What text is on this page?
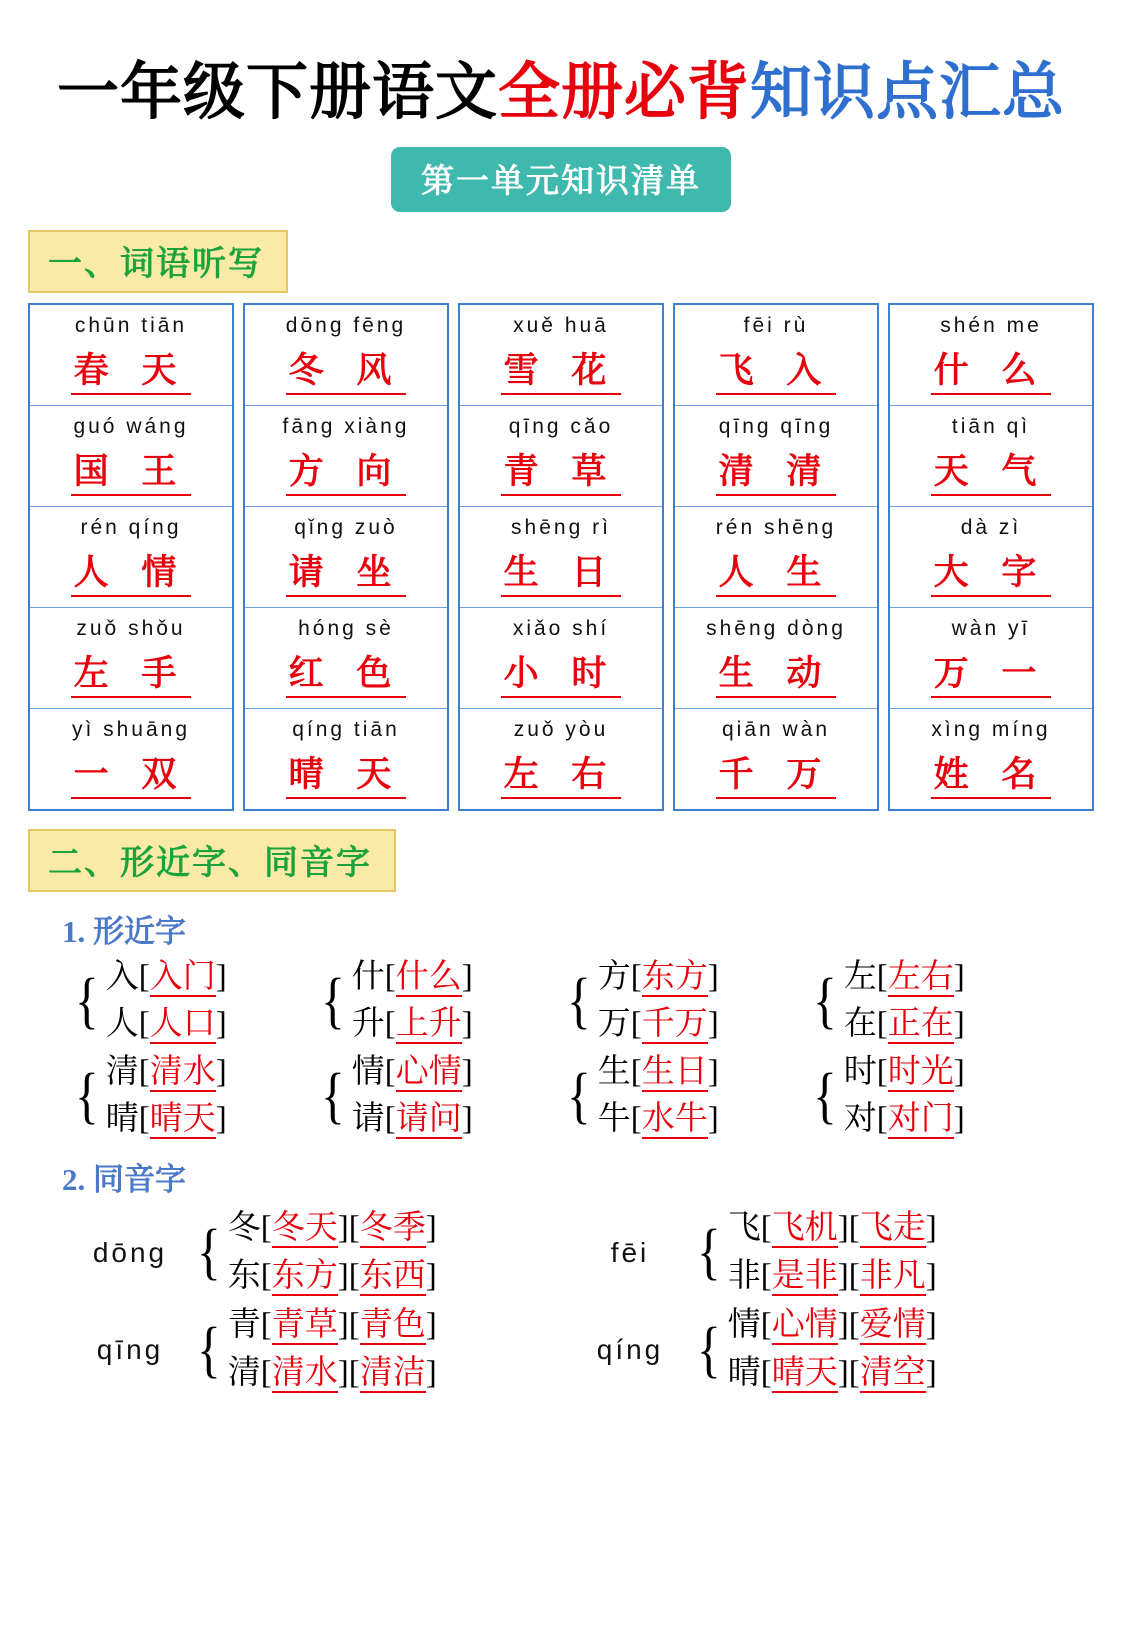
一年级下册语文全册必背知识点汇总
第一单元知识清单
一、词语听写
chūn tiān
春 天
guó wáng
国 王
rén qíng
人 情
zuǒ shǒu
左 手
yì shuāng
一 双
dōng fēng
冬 风
fāng xiàng
方 向
qǐng zuò
请 坐
hóng sè
红 色
qíng tiān
晴 天
xuě huā
雪 花
qīng cǎo
青 草
shēng rì
生 日
xiǎo shí
小 时
zuǒ yòu
左 右
fēi rù
飞 入
qīng qīng
清 清
rén shēng
人 生
shēng dòng
生 动
qiān wàn
千 万
shén me
什 么
tiān qì
天 气
dà zì
大 字
wàn yī
万 一
xìng míng
姓 名
二、形近字、同音字
1. 形近字
{ 入[入门]
人[人口] { 什[什么]
升[上升] { 方[东方]
万[千万] { 左[左右]
在[正在]
{ 清[清水]
晴[晴天] { 情[心情]
请[请问] { 生[生日]
牛[水牛] { 时[时光]
对[对门]
2. 同音字
dōng { 冬[冬天][冬季]
东[东方][东西]
fēi { 飞[飞机][飞走]
非[是非][非凡]
qīng { 青[青草][青色]
清[清水][清洁]
qíng { 情[心情][爱情]
晴[晴天][清空]
